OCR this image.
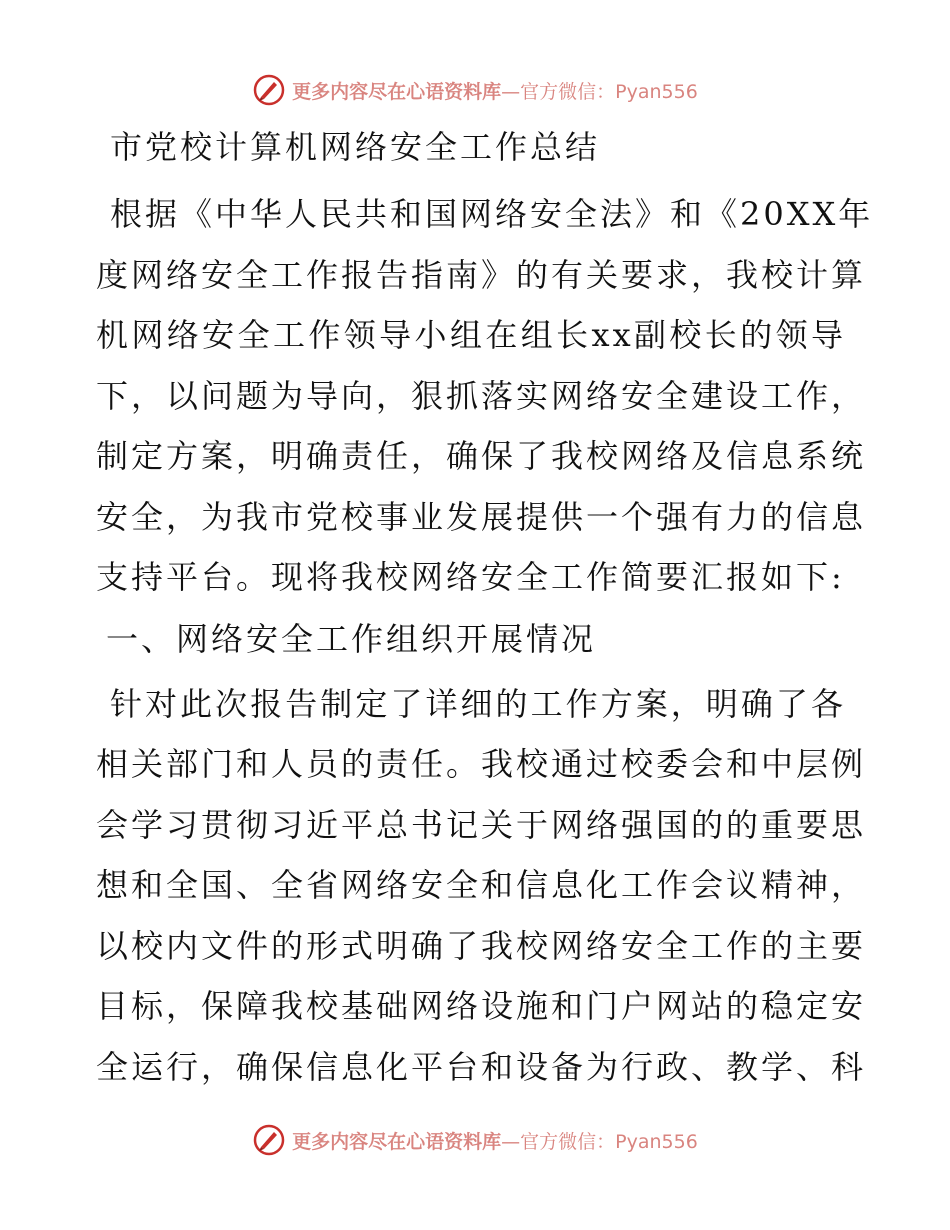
更多内容尽在心语资料库—官方微信：Pyan556
市党校计算机网络安全工作总结
根据《中华人民共和国网络安全法》和《20XX年
度网络安全工作报告指南》的有关要求，我校计算
机网络安全工作领导小组在组长xx副校长的领导
下，以问题为导向，狠抓落实网络安全建设工作，
制定方案，明确责任，确保了我校网络及信息系统
安全，为我市党校事业发展提供一个强有力的信息
支持平台。现将我校网络安全工作简要汇报如下:
一、网络安全工作组织开展情况
针对此次报告制定了详细的工作方案，明确了各
相关部门和人员的责任。我校通过校委会和中层例
会学习贯彻习近平总书记关于网络强国的的重要思
想和全国、全省网络安全和信息化工作会议精神，
以校内文件的形式明确了我校网络安全工作的主要
目标，保障我校基础网络设施和门户网站的稳定安
全运行，确保信息化平台和设备为行政、教学、科
更多内容尽在心语资料库—官方微信：Pyan556
